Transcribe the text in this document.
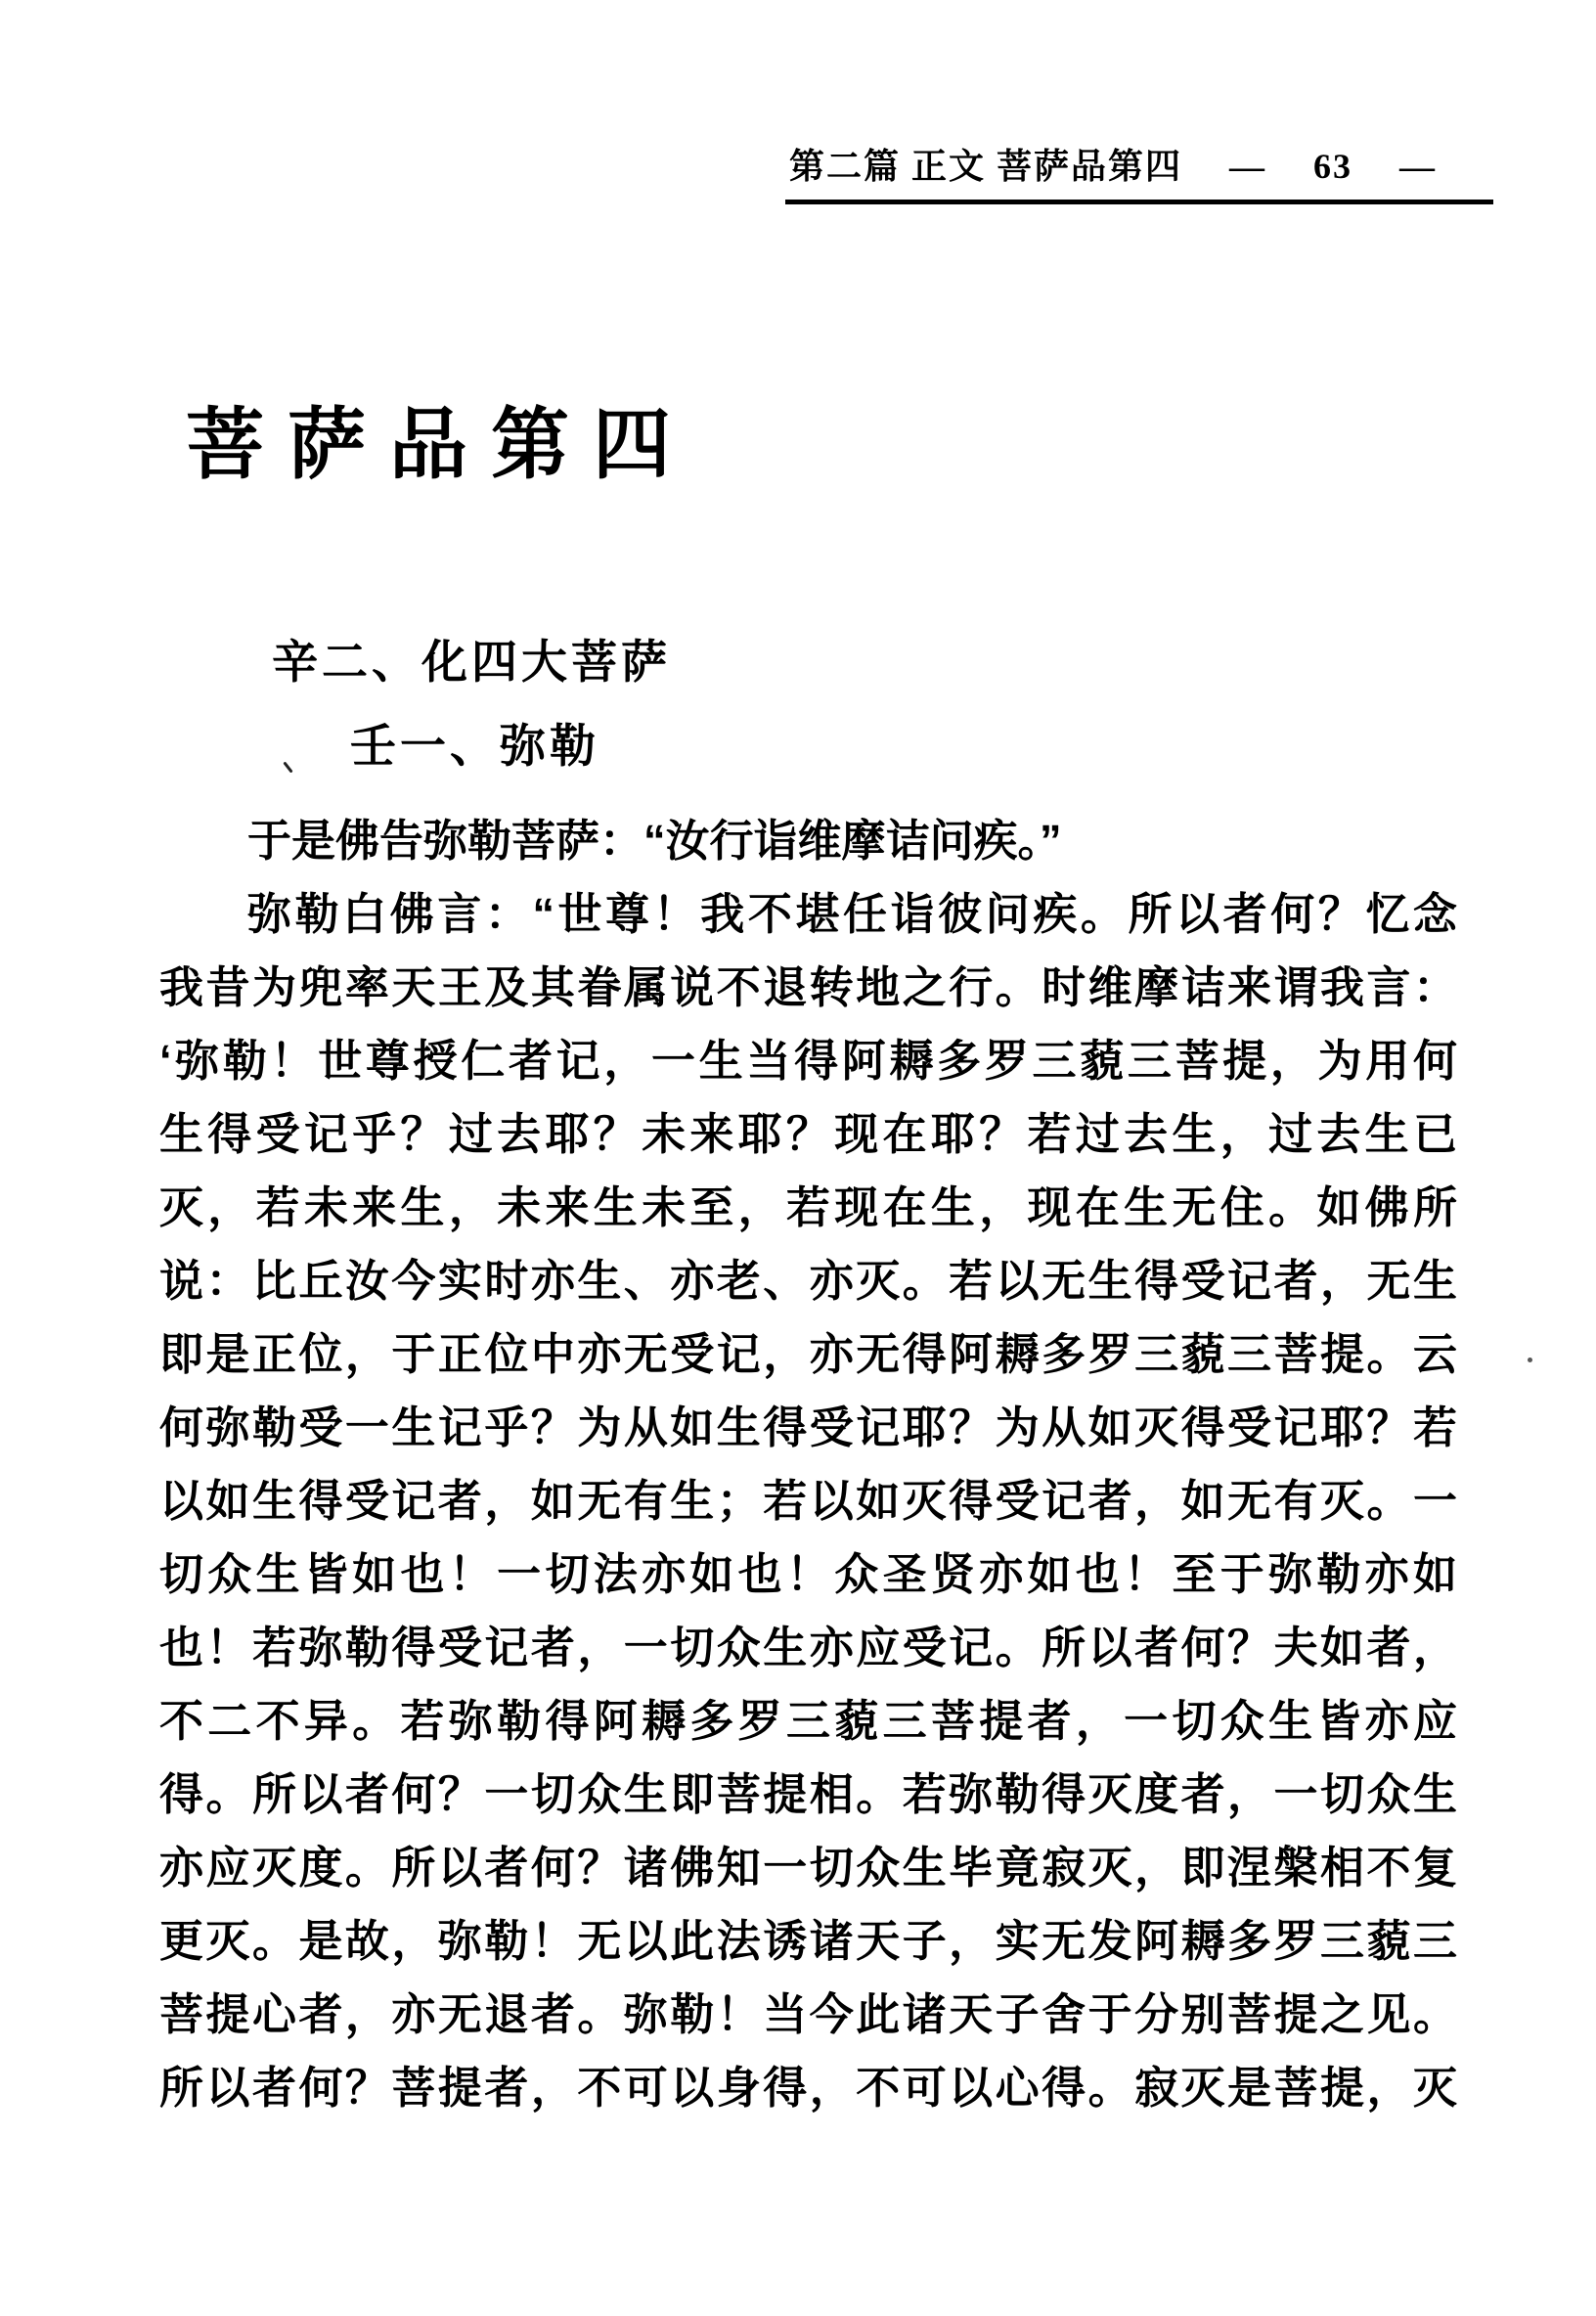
第二篇 正文 菩萨品第四 — 63 —
菩萨品第四
辛二、化四大菩萨
壬一、弥勒
于是佛告弥勒菩萨：“汝行诣维摩诘问疾。”
弥勒白佛言：“世尊！我不堪任诣彼问疾。所以者何？忆念
我昔为兜率天王及其眷属说不退转地之行。时维摩诘来谓我言：
‘弥勒！世尊授仁者记，一生当得阿耨多罗三藐三菩提，为用何
生得受记乎？过去耶？未来耶？现在耶？若过去生，过去生已
灭，若未来生，未来生未至，若现在生，现在生无住。如佛所
说：比丘汝今实时亦生、亦老、亦灭。若以无生得受记者，无生
即是正位，于正位中亦无受记，亦无得阿耨多罗三藐三菩提。云
何弥勒受一生记乎？为从如生得受记耶？为从如灭得受记耶？若
以如生得受记者，如无有生；若以如灭得受记者，如无有灭。一
切众生皆如也！一切法亦如也！众圣贤亦如也！至于弥勒亦如
也！若弥勒得受记者，一切众生亦应受记。所以者何？夫如者，
不二不异。若弥勒得阿耨多罗三藐三菩提者，一切众生皆亦应
得。所以者何？一切众生即菩提相。若弥勒得灭度者，一切众生
亦应灭度。所以者何？诸佛知一切众生毕竟寂灭，即涅槃相不复
更灭。是故，弥勒！无以此法诱诸天子，实无发阿耨多罗三藐三
菩提心者，亦无退者。弥勒！当今此诸天子舍于分别菩提之见。
所以者何？菩提者，不可以身得，不可以心得。寂灭是菩提，灭
